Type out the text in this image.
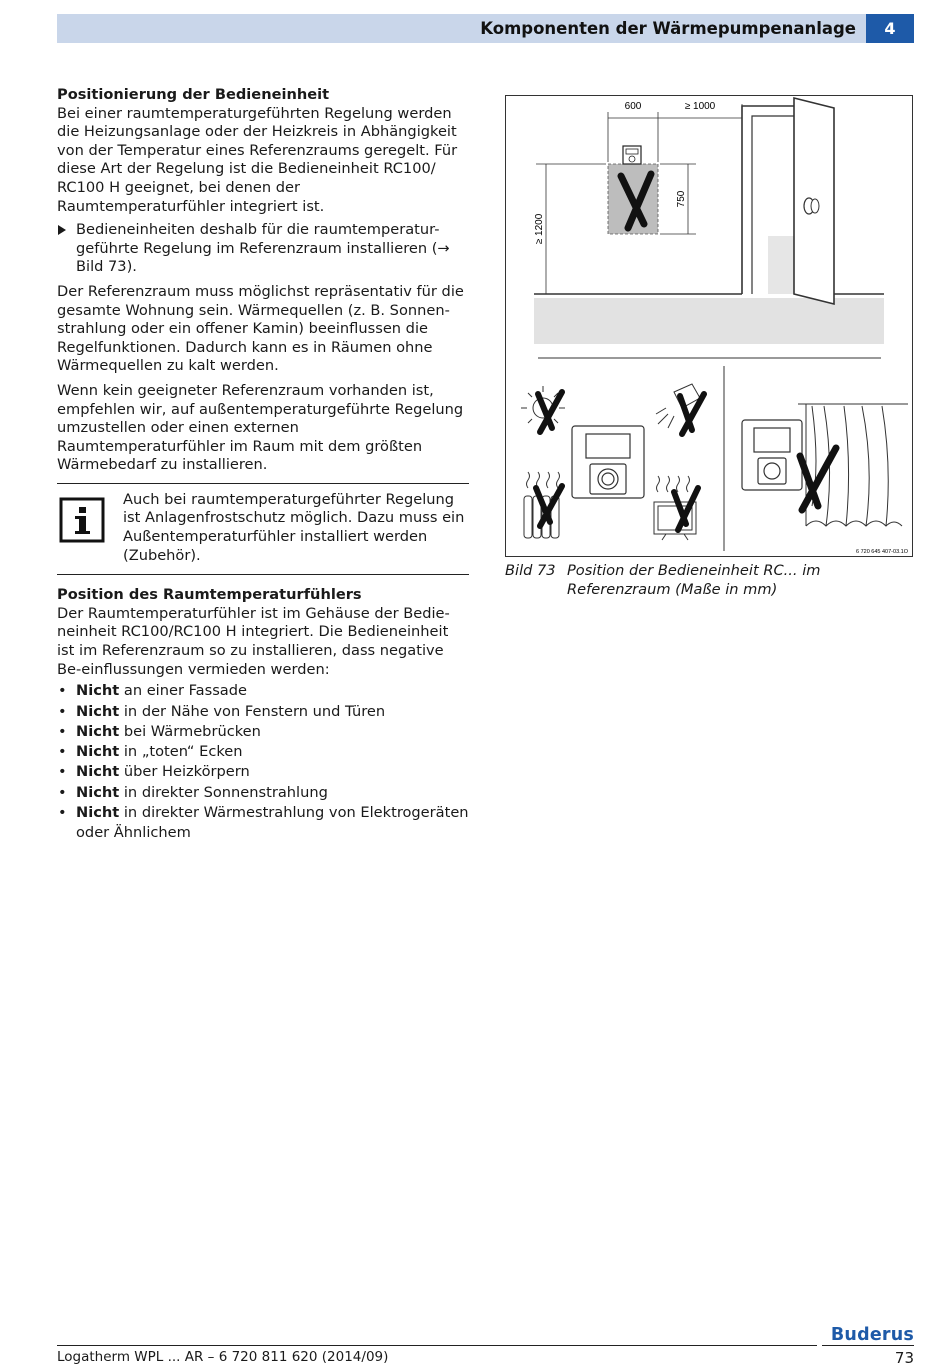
Komponenten der Wärmepumpenanlage	4

Positionierung der Bedieneinheit

Bei einer raumtemperaturgeführten Regelung werden die Heizungsanlage oder der Heizkreis in Abhängigkeit von der Temperatur eines Referenzraums geregelt. Für diese Art der Regelung ist die Bedieneinheit RC100/ RC100 H geeignet, bei denen der Raumtemperaturfühler integriert ist.

Bedieneinheiten deshalb für die raumtemperatur-geführte Regelung im Referenzraum installieren (→ Bild 73).

Der Referenzraum muss möglichst repräsentativ für die gesamte Wohnung sein. Wärmequellen (z. B. Sonnen-strahlung oder ein offener Kamin) beeinflussen die Regelfunktionen. Dadurch kann es in Räumen ohne Wärmequellen zu kalt werden.

Wenn kein geeigneter Referenzraum vorhanden ist, empfehlen wir, auf außentemperaturgeführte Regelung umzustellen oder einen externen Raumtemperaturfühler im Raum mit dem größten Wärmebedarf zu installieren.

Auch bei raumtemperaturgeführter Regelung ist Anlagenfrostschutz möglich. Dazu muss ein Außentemperaturfühler installiert werden (Zubehör).

Position des Raumtemperaturfühlers

Der Raumtemperaturfühler ist im Gehäuse der Bedie-neinheit RC100/RC100 H integriert. Die Bedieneinheit ist im Referenzraum so zu installieren, dass negative Be-einflussungen vermieden werden:

• Nicht an einer Fassade
• Nicht in der Nähe von Fenstern und Türen
• Nicht bei Wärmebrücken
• Nicht in „toten“ Ecken
• Nicht über Heizkörpern
• Nicht in direkter Sonnenstrahlung
• Nicht in direkter Wärmestrahlung von Elektrogeräten oder Ähnlichem
600	≥ 1000
≥ 1200
750
6 720 645 407-03.1O
Bild 73 Position der Bedieneinheit RC... im Referenzraum (Maße in mm)
Buderus
Logatherm WPL ... AR – 6 720 811 620 (2014/09)	73
